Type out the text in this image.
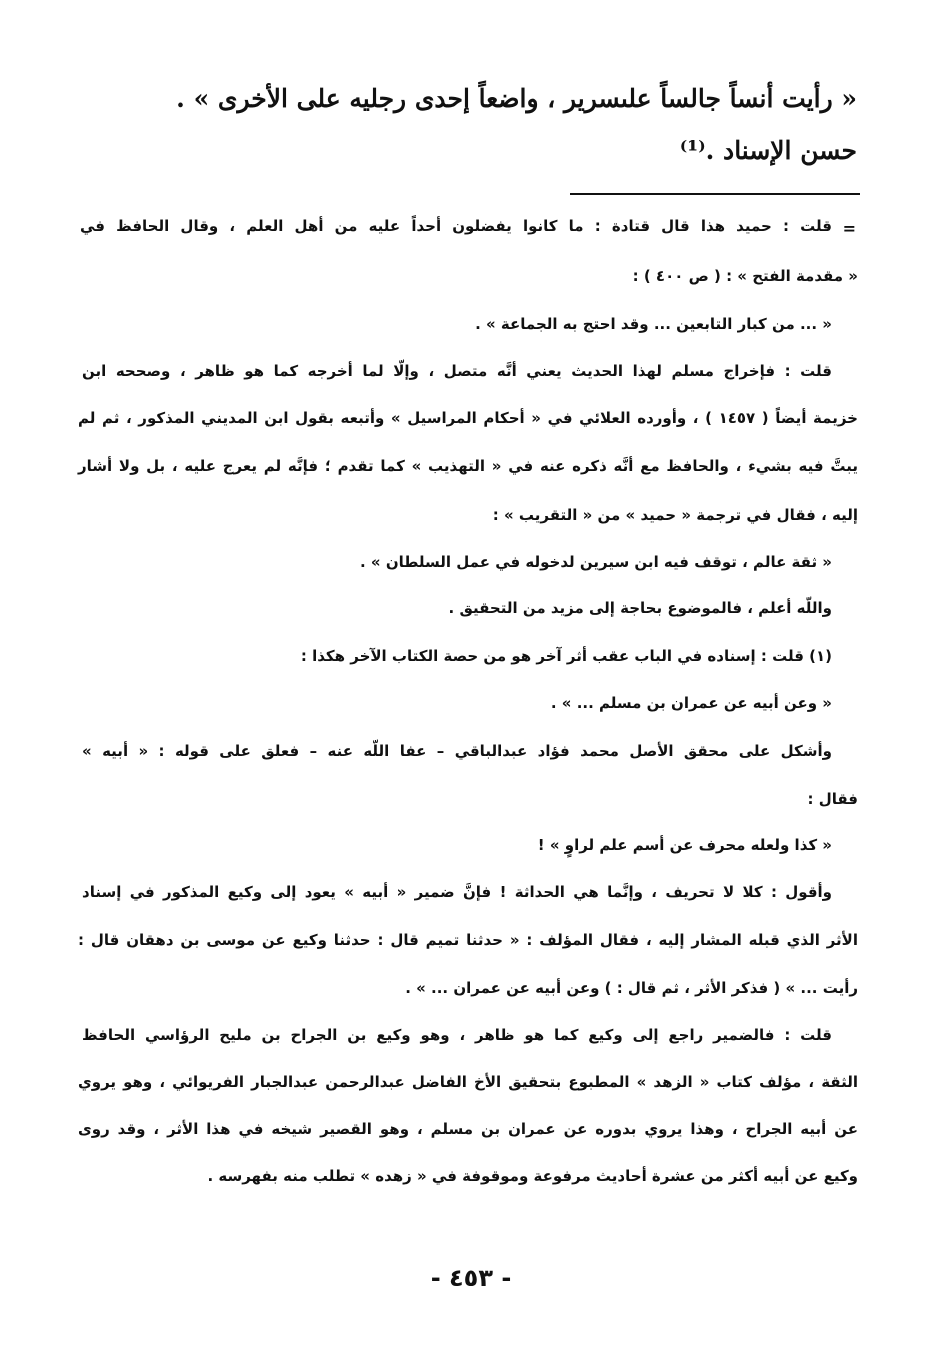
« رأيت أنساً جالساً علىسرير ، واضعاً إحدى رجليه على الأخرى » .
حسن الإسناد .⁽¹⁾
=
قلت : حميد هذا قال قتادة : ما كانوا يفضلون أحداً عليه من أهل العلم ، وقال الحافظ في
« مقدمة الفتح » : ( ص ٤٠٠ ) :
« ... من كبار التابعين ... وقد احتج به الجماعة » .
قلت : فإخراج مسلم لهذا الحديث يعني أنَّه متصل ، وإلّا لما أخرجه كما هو ظاهر ، وصححه ابن
خزيمة أيضاً ( ١٤٥٧ ) ، وأورده العلائي في « أحكام المراسيل » وأتبعه بقول ابن المديني المذكور ، ثم لم
يبتَّ فيه بشيء ، والحافظ مع أنَّه ذكره عنه في « التهذيب » كما تقدم ؛ فإنَّه لم يعرج عليه ، بل ولا أشار
إليه ، فقال في ترجمة « حميد » من « التقريب » :
« ثقة عالم ، توقف فيه ابن سيرين لدخوله في عمل السلطان » .
واللّه أعلم ، فالموضوع بحاجة إلى مزيد من التحقيق .
(١) قلت : إسناده في الباب عقب أثر آخر هو من حصة الكتاب الآخر هكذا :
« وعن أبيه عن عمران بن مسلم ... » .
وأشكل على محقق الأصل محمد فؤاد عبدالباقي – عفا اللّه عنه – فعلق على قوله : « أبيه »
فقال :
« كذا ولعله محرف عن أسم علم لراوٍ » !
وأقول : كلا لا تحريف ، وإنَّما هي الحداثة ! فإنَّ ضمير « أبيه » يعود إلى وكيع المذكور في إسناد
الأثر الذي قبله المشار إليه ، فقال المؤلف : « حدثنا تميم قال : حدثنا وكيع عن موسى بن دهقان قال :
رأيت ... » ( فذكر الأثر ، ثم قال : ) وعن أبيه عن عمران ... » .
قلت : فالضمير راجع إلى وكيع كما هو ظاهر ، وهو وكيع بن الجراح بن مليح الرؤاسي الحافظ
الثقة ، مؤلف كتاب « الزهد » المطبوع بتحقيق الأخ الفاضل عبدالرحمن عبدالجبار الفريوائي ، وهو يروي
عن أبيه الجراح ، وهذا يروي بدوره عن عمران بن مسلم ، وهو القصير شيخه في هذا الأثر ، وقد روى
وكيع عن أبيه أكثر من عشرة أحاديث مرفوعة وموقوفة في « زهده » تطلب منه بفهرسه .
- ٤٥٣ -
